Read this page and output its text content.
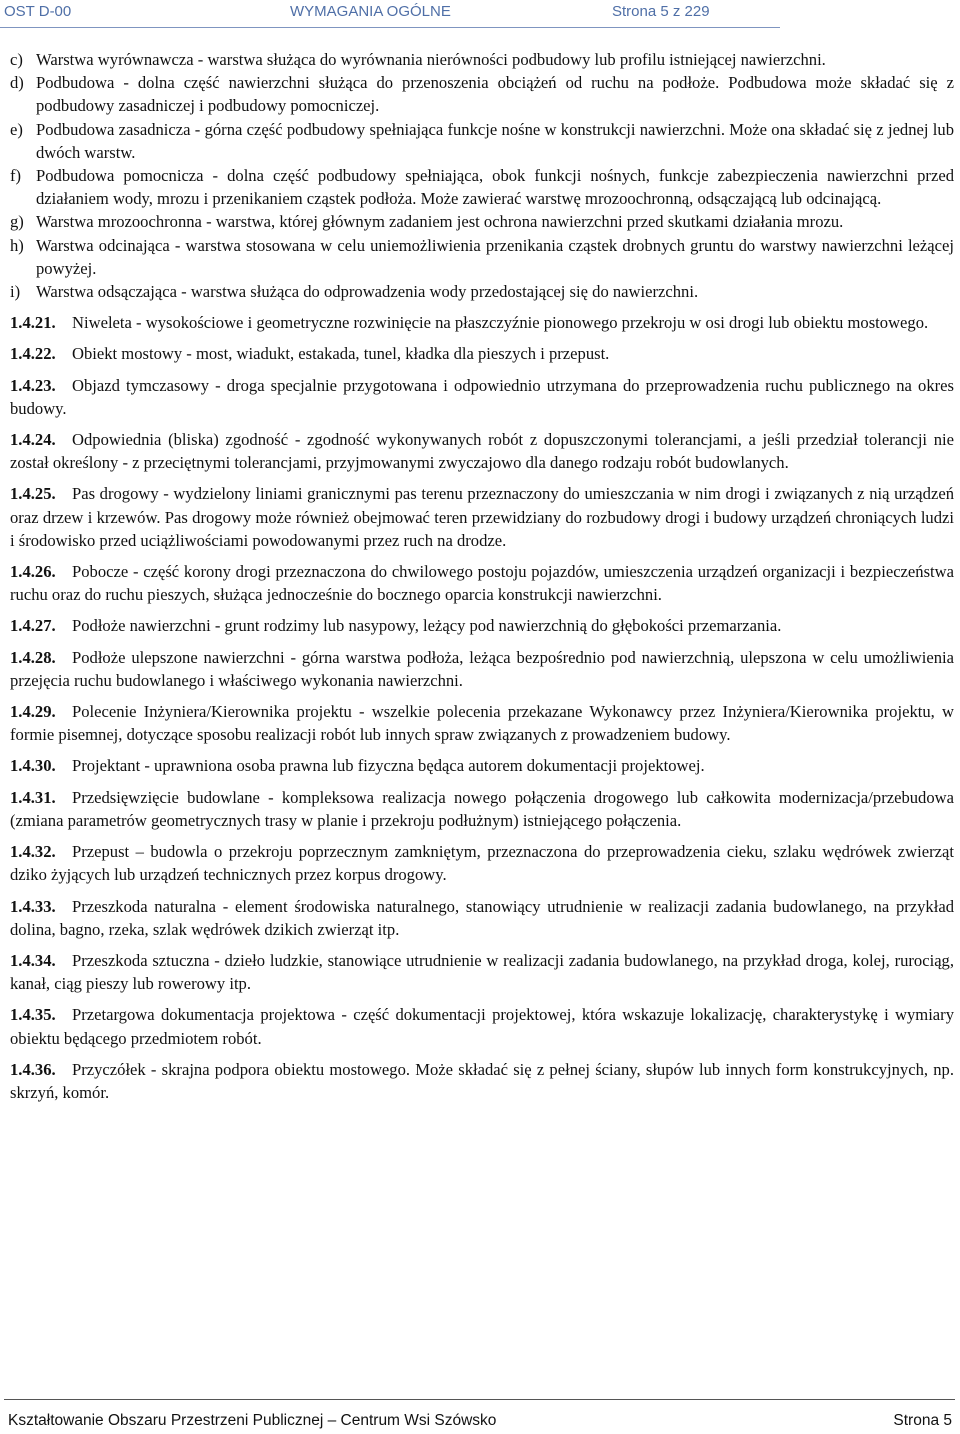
OST D-00	WYMAGANIA OGÓLNE	Strona 5 z 229
c) Warstwa wyrównawcza - warstwa służąca do wyrównania nierówności podbudowy lub profilu istniejącej nawierzchni.
d) Podbudowa - dolna część nawierzchni służąca do przenoszenia obciążeń od ruchu na podłoże. Podbudowa może składać się z podbudowy zasadniczej i podbudowy pomocniczej.
e) Podbudowa zasadnicza - górna część podbudowy spełniająca funkcje nośne w konstrukcji nawierzchni. Może ona składać się z jednej lub dwóch warstw.
f) Podbudowa pomocnicza - dolna część podbudowy spełniająca, obok funkcji nośnych, funkcje zabezpieczenia nawierzchni przed działaniem wody, mrozu i przenikaniem cząstek podłoża. Może zawierać warstwę mrozoochronną, odsączającą lub odcinającą.
g) Warstwa mrozoochronna - warstwa, której głównym zadaniem jest ochrona nawierzchni przed skutkami działania mrozu.
h) Warstwa odcinająca - warstwa stosowana w celu uniemożliwienia przenikania cząstek drobnych gruntu do warstwy nawierzchni leżącej powyżej.
i) Warstwa odsączająca - warstwa służąca do odprowadzenia wody przedostającej się do nawierzchni.
1.4.21. Niweleta - wysokościowe i geometryczne rozwinięcie na płaszczyźnie pionowego przekroju w osi drogi lub obiektu mostowego.
1.4.22. Obiekt mostowy - most, wiadukt, estakada, tunel, kładka dla pieszych i przepust.
1.4.23. Objazd tymczasowy - droga specjalnie przygotowana i odpowiednio utrzymana do przeprowadzenia ruchu publicznego na okres budowy.
1.4.24. Odpowiednia (bliska) zgodność - zgodność wykonywanych robót z dopuszczonymi tolerancjami, a jeśli przedział tolerancji nie został określony - z przeciętnymi tolerancjami, przyjmowanymi zwyczajowo dla danego rodzaju robót budowlanych.
1.4.25. Pas drogowy - wydzielony liniami granicznymi pas terenu przeznaczony do umieszczania w nim drogi i związanych z nią urządzeń oraz drzew i krzewów. Pas drogowy może również obejmować teren przewidziany do rozbudowy drogi i budowy urządzeń chroniących ludzi i środowisko przed uciążliwościami powodowanymi przez ruch na drodze.
1.4.26. Pobocze - część korony drogi przeznaczona do chwilowego postoju pojazdów, umieszczenia urządzeń organizacji i bezpieczeństwa ruchu oraz do ruchu pieszych, służąca jednocześnie do bocznego oparcia konstrukcji nawierzchni.
1.4.27. Podłoże nawierzchni - grunt rodzimy lub nasypowy, leżący pod nawierzchnią do głębokości przemarzania.
1.4.28. Podłoże ulepszone nawierzchni - górna warstwa podłoża, leżąca bezpośrednio pod nawierzchnią, ulepszona w celu umożliwienia przejęcia ruchu budowlanego i właściwego wykonania nawierzchni.
1.4.29. Polecenie Inżyniera/Kierownika projektu - wszelkie polecenia przekazane Wykonawcy przez Inżyniera/Kierownika projektu, w formie pisemnej, dotyczące sposobu realizacji robót lub innych spraw związanych z prowadzeniem budowy.
1.4.30. Projektant - uprawniona osoba prawna lub fizyczna będąca autorem dokumentacji projektowej.
1.4.31. Przedsięwzięcie budowlane - kompleksowa realizacja nowego połączenia drogowego lub całkowita modernizacja/przebudowa (zmiana parametrów geometrycznych trasy w planie i przekroju podłużnym) istniejącego połączenia.
1.4.32. Przepust – budowla o przekroju poprzecznym zamkniętym, przeznaczona do przeprowadzenia cieku, szlaku wędrówek zwierząt dziko żyjących lub urządzeń technicznych przez korpus drogowy.
1.4.33. Przeszkoda naturalna - element środowiska naturalnego, stanowiący utrudnienie w realizacji zadania budowlanego, na przykład dolina, bagno, rzeka, szlak wędrówek dzikich zwierząt itp.
1.4.34. Przeszkoda sztuczna - dzieło ludzkie, stanowiące utrudnienie w realizacji zadania budowlanego, na przykład droga, kolej, rurociąg, kanał, ciąg pieszy lub rowerowy itp.
1.4.35. Przetargowa dokumentacja projektowa - część dokumentacji projektowej, która wskazuje lokalizację, charakterystykę i wymiary obiektu będącego przedmiotem robót.
1.4.36. Przyczółek - skrajna podpora obiektu mostowego. Może składać się z pełnej ściany, słupów lub innych form konstrukcyjnych, np. skrzyń, komór.
Kształtowanie Obszaru Przestrzeni Publicznej – Centrum Wsi Szówsko	Strona 5
